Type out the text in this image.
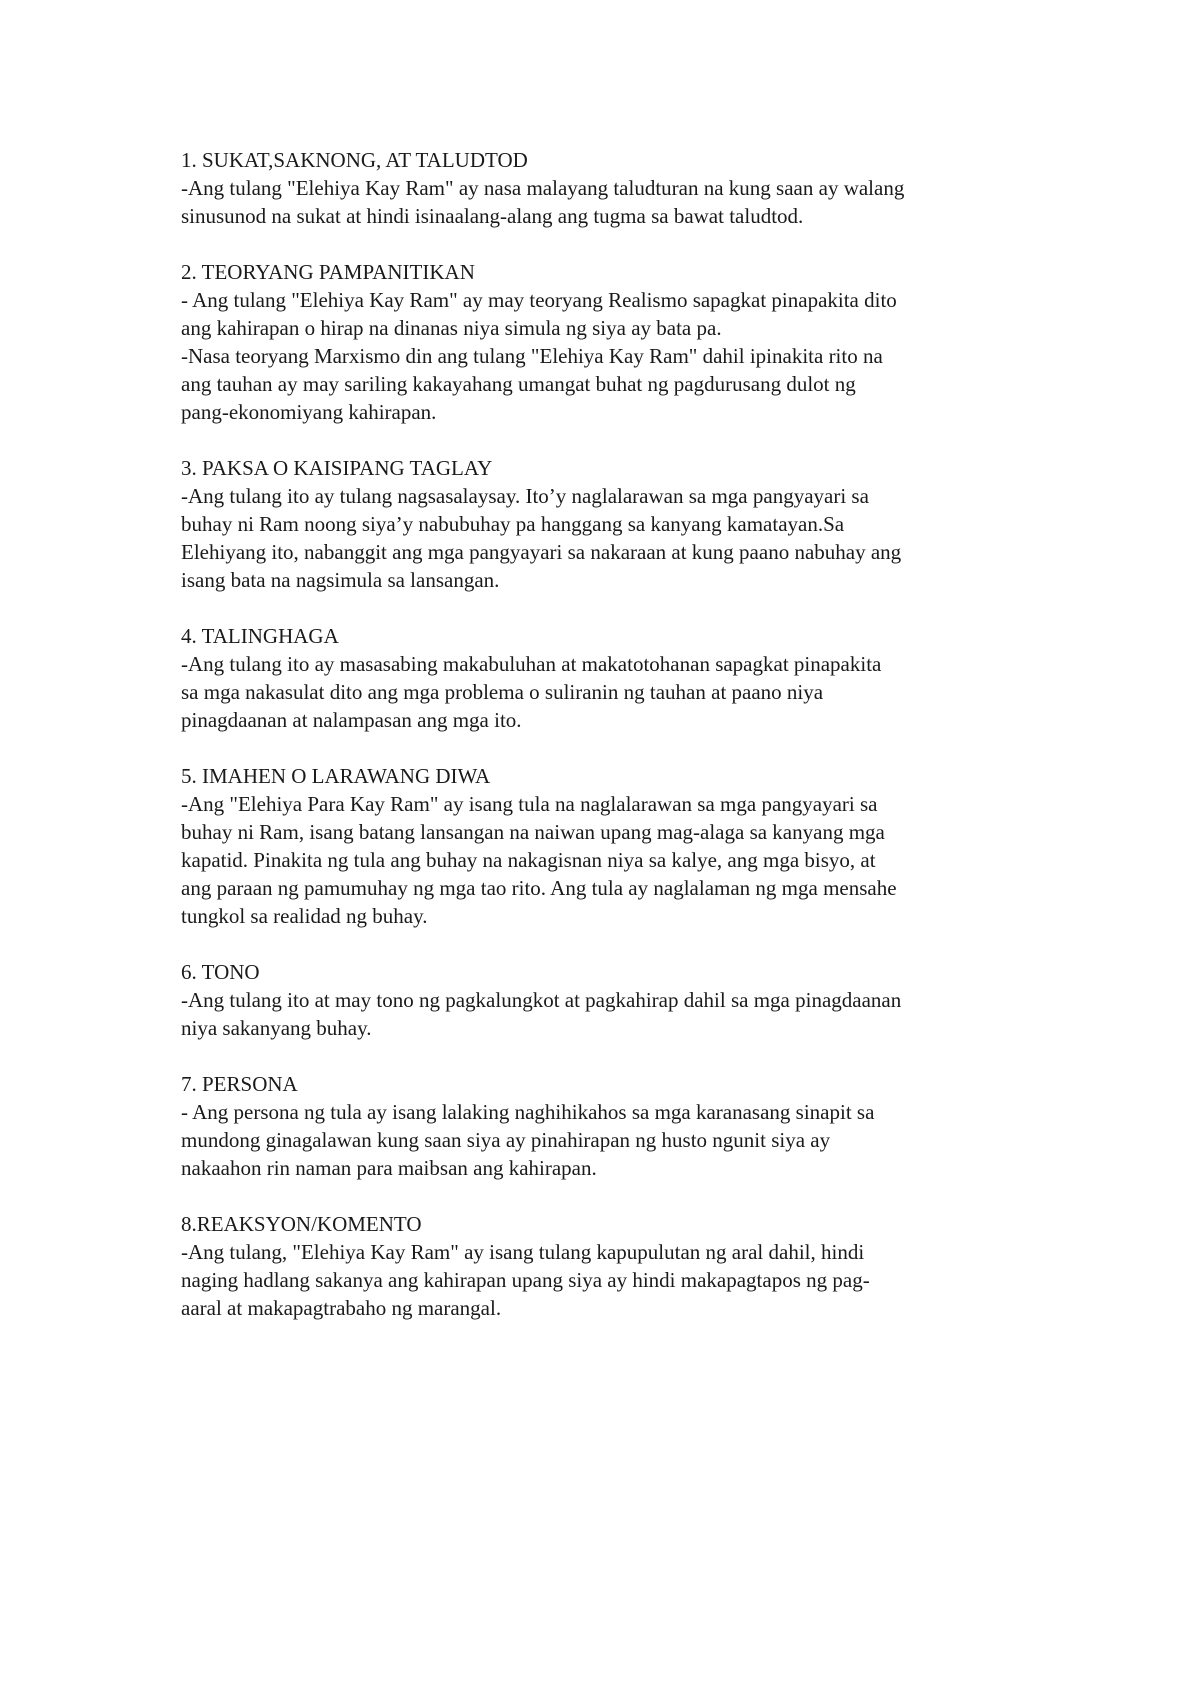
1. SUKAT,SAKNONG, AT TALUDTOD
-Ang tulang "Elehiya Kay Ram" ay nasa malayang taludturan na kung saan ay walang
sinusunod na sukat at hindi isinaalang-alang ang tugma sa bawat taludtod.
2. TEORYANG PAMPANITIKAN
- Ang tulang "Elehiya Kay Ram" ay may teoryang Realismo sapagkat pinapakita dito
ang kahirapan o hirap na dinanas niya simula ng siya ay bata pa.
-Nasa teoryang Marxismo din ang tulang "Elehiya Kay Ram" dahil ipinakita rito na
ang tauhan ay may sariling kakayahang umangat buhat ng pagdurusang dulot ng
pang-ekonomiyang kahirapan.
3. PAKSA O KAISIPANG TAGLAY
-Ang tulang ito ay tulang nagsasalaysay. Ito’y naglalarawan sa mga pangyayari sa
buhay ni Ram noong siya’y nabubuhay pa hanggang sa kanyang kamatayan.Sa
Elehiyang ito, nabanggit ang mga pangyayari sa nakaraan at kung paano nabuhay ang
isang bata na nagsimula sa lansangan.
4. TALINGHAGA
-Ang tulang ito ay masasabing makabuluhan at makatotohanan sapagkat pinapakita
sa mga nakasulat dito ang mga problema o suliranin ng tauhan at paano niya
pinagdaanan at nalampasan ang mga ito.
5. IMAHEN O LARAWANG DIWA
-Ang "Elehiya Para Kay Ram" ay isang tula na naglalarawan sa mga pangyayari sa
buhay ni Ram, isang batang lansangan na naiwan upang mag-alaga sa kanyang mga
kapatid. Pinakita ng tula ang buhay na nakagisnan niya sa kalye, ang mga bisyo, at
ang paraan ng pamumuhay ng mga tao rito. Ang tula ay naglalaman ng mga mensahe
tungkol sa realidad ng buhay.
6. TONO
-Ang tulang ito at may tono ng pagkalungkot at pagkahirap dahil sa mga pinagdaanan
niya sakanyang buhay.
7. PERSONA
- Ang persona ng tula ay isang lalaking naghihikahos sa mga karanasang sinapit sa
mundong ginagalawan kung saan siya ay pinahirapan ng husto ngunit siya ay
nakaahon rin naman para maibsan ang kahirapan.
8.REAKSYON/KOMENTO
-Ang tulang, "Elehiya Kay Ram" ay isang tulang kapupulutan ng aral dahil, hindi
naging hadlang sakanya ang kahirapan upang siya ay hindi makapagtapos ng pag-
aaral at makapagtrabaho ng marangal.
